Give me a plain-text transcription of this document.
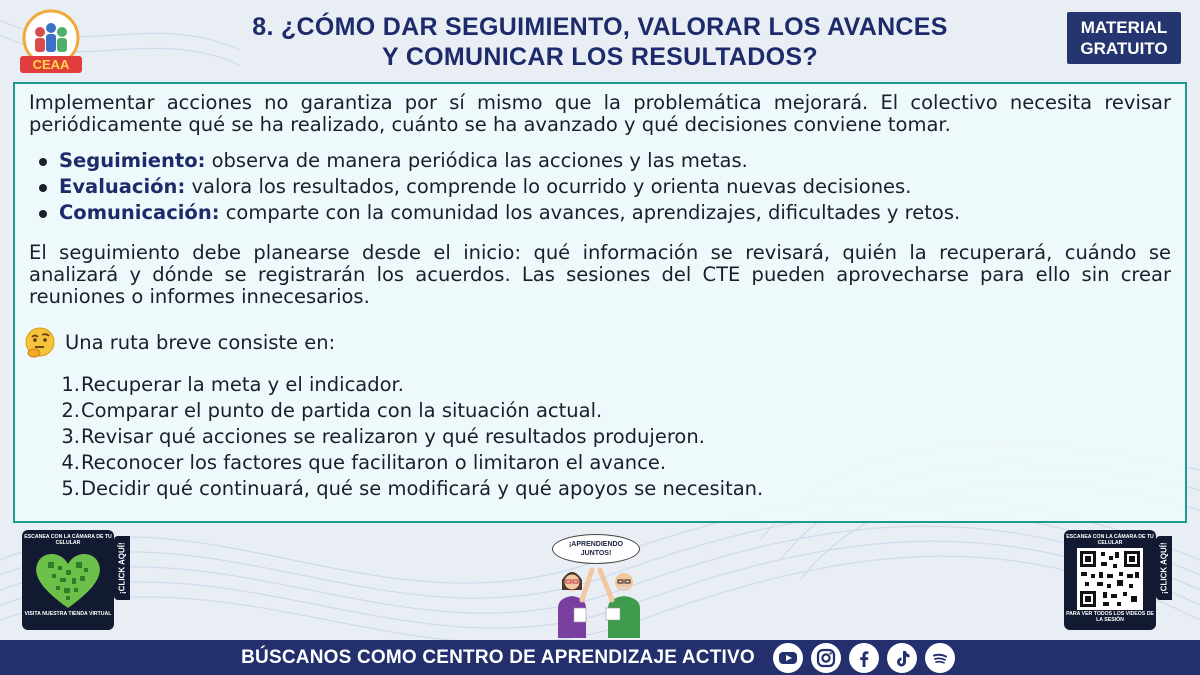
CEAA
8. ¿CÓMO DAR SEGUIMIENTO, VALORAR LOS AVANCES
Y COMUNICAR LOS RESULTADOS?
MATERIAL
GRATUITO

Implementar acciones no garantiza por sí mismo que la problemática mejorará. El colectivo necesita revisar periódicamente qué se ha realizado, cuánto se ha avanzado y qué decisiones conviene tomar.

Seguimiento: observa de manera periódica las acciones y las metas.
Evaluación: valora los resultados, comprende lo ocurrido y orienta nuevas decisiones.
Comunicación: comparte con la comunidad los avances, aprendizajes, dificultades y retos.

El seguimiento debe planearse desde el inicio: qué información se revisará, quién la recuperará, cuándo se analizará y dónde se registrarán los acuerdos. Las sesiones del CTE pueden aprovecharse para ello sin crear reuniones o informes innecesarios.

Una ruta breve consiste en:
1. Recuperar la meta y el indicador.
2. Comparar el punto de partida con la situación actual.
3. Revisar qué acciones se realizaron y qué resultados produjeron.
4. Reconocer los factores que facilitaron o limitaron el avance.
5. Decidir qué continuará, qué se modificará y qué apoyos se necesitan.
ESCANEA CON LA CÁMARA DE TU CELULAR
VISITA NUESTRA TIENDA VIRTUAL
¡CLICK AQUÍ!	¡APRENDIENDO JUNTOS!
ESCANEA CON LA CÁMARA DE TU CELULAR
PARA VER TODOS LOS VIDEOS DE LA SESIÓN
¡CLICK AQUÍ!
BÚSCANOS COMO CENTRO DE APRENDIZAJE ACTIVO
